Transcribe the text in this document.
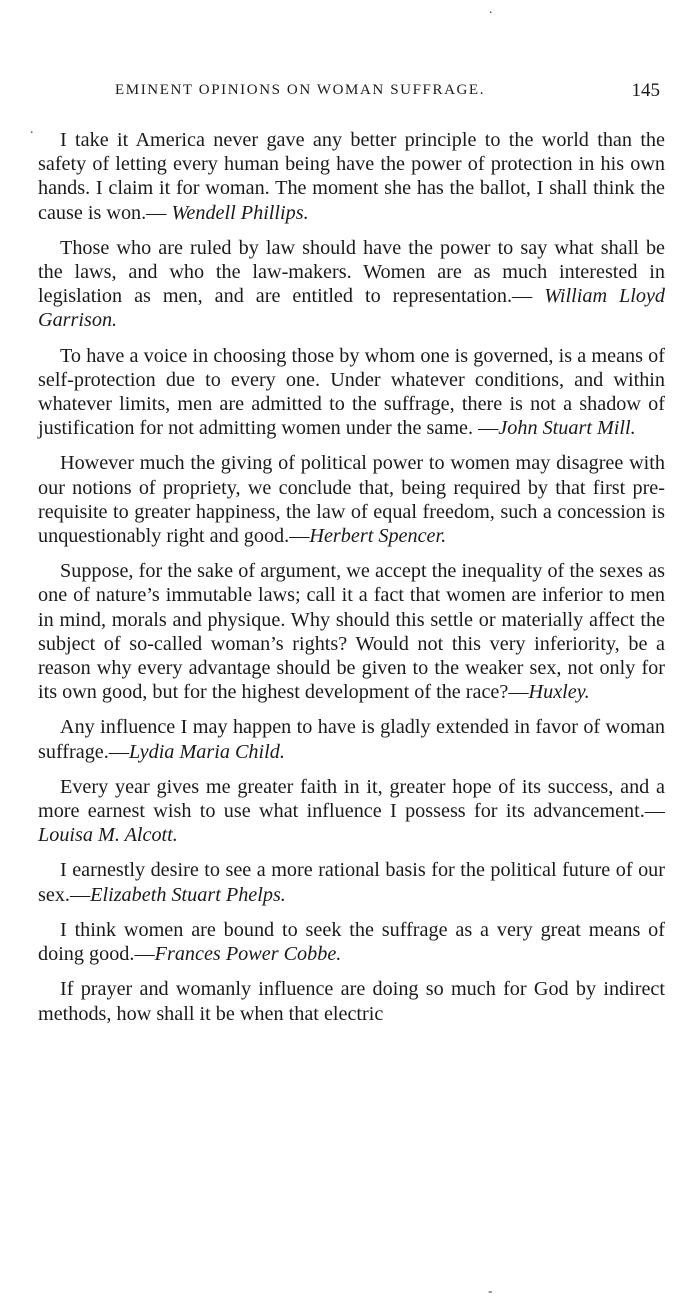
.
.
EMINENT OPINIONS ON WOMAN SUFFRAGE.	145

I take it America never gave any better principle to the world than the safety of letting every human being have the power of protection in his own hands. I claim it for woman. The moment she has the ballot, I shall think the cause is won.— Wendell Phillips.

Those who are ruled by law should have the power to say what shall be the laws, and who the law-makers. Women are as much interested in legislation as men, and are entitled to representation.— William Lloyd Garrison.

To have a voice in choosing those by whom one is governed, is a means of self-protection due to every one. Under whatever conditions, and within whatever limits, men are admitted to the suffrage, there is not a shadow of justification for not admitting women under the same. —John Stuart Mill.

However much the giving of political power to women may disagree with our notions of propriety, we conclude that, being required by that first pre-requisite to greater happiness, the law of equal freedom, such a concession is unquestionably right and good.—Herbert Spencer.

Suppose, for the sake of argument, we accept the inequality of the sexes as one of nature’s immutable laws; call it a fact that women are inferior to men in mind, morals and physique. Why should this settle or materially affect the subject of so-called woman’s rights? Would not this very inferiority, be a reason why every advantage should be given to the weaker sex, not only for its own good, but for the highest development of the race?—Huxley.

Any influence I may happen to have is gladly extended in favor of woman suffrage.—Lydia Maria Child.

Every year gives me greater faith in it, greater hope of its success, and a more earnest wish to use what influence I possess for its advancement.—Louisa M. Alcott.

I earnestly desire to see a more rational basis for the political future of our sex.—Elizabeth Stuart Phelps.

I think women are bound to seek the suffrage as a very great means of doing good.—Frances Power Cobbe.

If prayer and womanly influence are doing so much for God by indirect methods, how shall it be when that electric

-
